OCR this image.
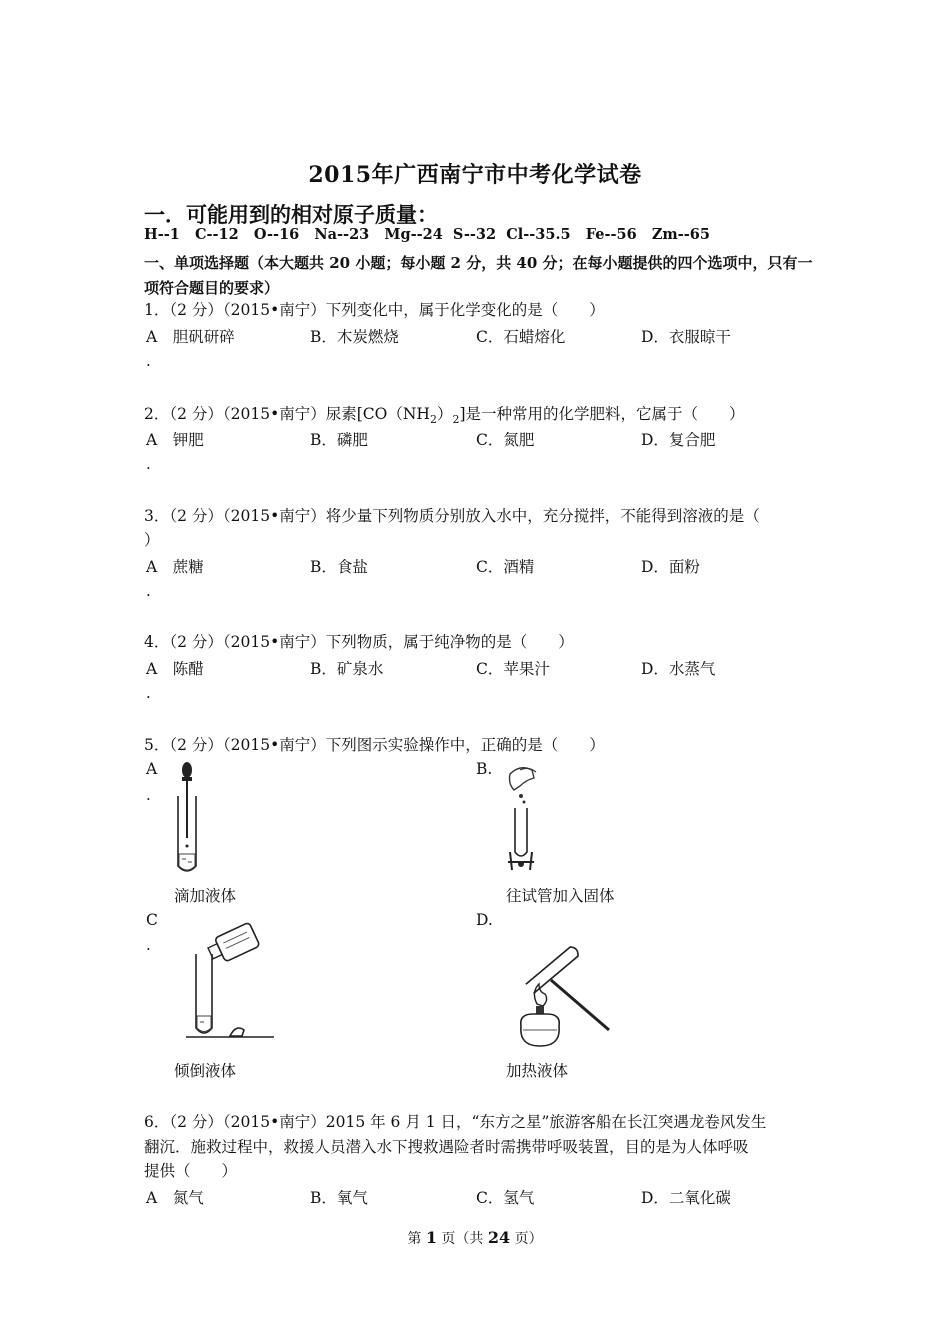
2015年广西南宁市中考化学试卷
一．可能用到的相对原子质量：
H--1   C--12   O--16   Na--23   Mg--24  S--32  Cl--35.5   Fe--56   Zm--65
一、单项选择题（本大题共 20 小题；每小题 2 分，共 40 分；在每小题提供的四个选项中，只有一项符合题目的要求）
1．（2 分）（2015•南宁）下列变化中，属于化学变化的是（　　）
A　胆矾研碎	B．木炭燃烧	C．石蜡熔化	D．衣服晾干
.
2．（2 分）（2015•南宁）尿素$[CO(NH_2)_2]$是一种常用的化学肥料，它属于（　　）
A　钾肥	B．磷肥	C．氮肥	D．复合肥
.
3．（2 分）（2015•南宁）将少量下列物质分别放入水中，充分搅拌，不能得到溶液的是（
）
A　蔗糖	B．食盐	C．酒精	D．面粉
.
4．（2 分）（2015•南宁）下列物质，属于纯净物的是（　　）
A　陈醋	B．矿泉水	C．苹果汁	D．水蒸气
.
5．（2 分）（2015•南宁）下列图示实验操作中，正确的是（　　）
A
.
滴加液体
B.
往试管加入固体
C
.
倾倒液体
D.
加热液体
6．（2 分）（2015•南宁）2015 年 6 月 1 日，“东方之星”旅游客船在长江突遇龙卷风发生
翻沉．施救过程中，救援人员潜入水下搜救遇险者时需携带呼吸装置，目的是为人体呼吸
提供（　　）
A　氮气	B．氧气	C．氢气	D．二氧化碳
第 1 页（共 24 页）
